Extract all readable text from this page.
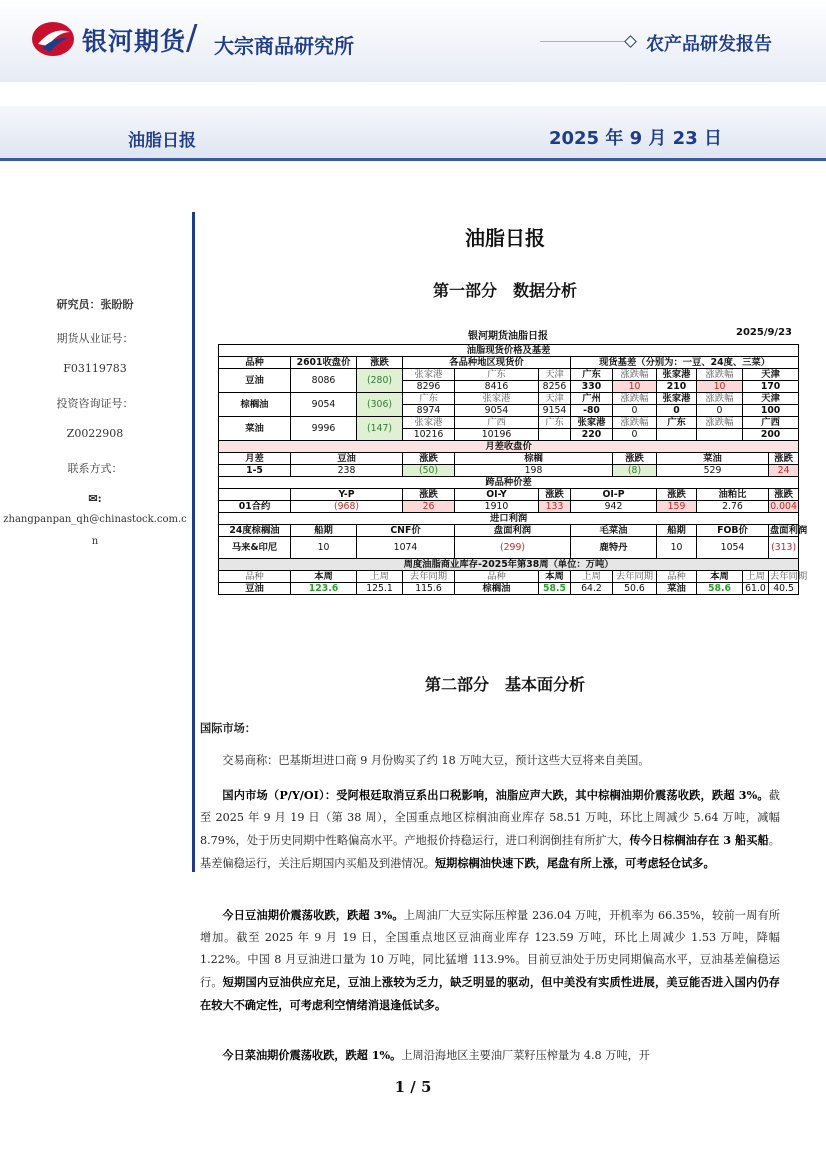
银河期货 / 大宗商品研究所	农产品研发报告
油脂日报	2025 年 9 月 23 日
研究员：张盼盼
期货从业证号：
F03119783
投资咨询证号：
Z0022908
联系方式：
✉:
zhangpanpan_qh@chinastock.com.c
n
油脂日报
第一部分　数据分析
银河期货油脂日报	2025/9/23
油脂现货价格及基差												
品种	2601收盘价	涨跌	各品种地区现货价			现货基差（分别为：一豆、24度、三菜）						
豆油	8086	(280)	张家港	广东	天津	广东	涨跌幅	张家港	涨跌幅	天津	
			8296	8416	8256	330	10	210	10	170	
棕榈油	9054	(306)	广东	张家港	天津	广州	涨跌幅	张家港	涨跌幅	天津	
			8974	9054	9154	-80	0	0	0	100	
菜油	9996	(147)	张家港	广西	广东	张家港	涨跌幅	广东	涨跌幅	广西	
			10216	10196		220	0			200	
月差收盘价												
月差	豆油		涨跌	棕榈			涨跌	菜油			涨跌	
1-5	238		(50)	198			(8)	529			24	
跨品种价差												
	Y-P		涨跌	OI-Y	涨跌	OI-P		涨跌	油粕比		涨跌	
01合约	(968)		26	1910	133	942		159	2.76		0.004	
进口利润												
24度棕榈油	船期	CNF价		盘面利润		毛菜油		船期	FOB价		盘面利润	
马来&印尼	10	1074		(299)		鹿特丹		10	1054		(313)	
周度油脂商业库存-2025年第38周（单位：万吨）												
品种	本周	上周	去年同期	品种	本周	上周	去年同期	品种	本周	上周	去年同期	
豆油	123.6	125.1	115.6	棕榈油	58.5	64.2	50.6	菜油	58.6	61.0	40.5	
第二部分　基本面分析
国际市场：
交易商称：巴基斯坦进口商 9 月份购买了约 18 万吨大豆，预计这些大豆将来自美国。
国内市场（P/Y/OI）：受阿根廷取消豆系出口税影响，油脂应声大跌，其中棕榈油期价震荡收跌，跌超 3%。截至 2025 年 9 月 19 日（第 38 周），全国重点地区棕榈油商业库存 58.51 万吨，环比上周减少 5.64 万吨，减幅 8.79%，处于历史同期中性略偏高水平。产地报价持稳运行，进口利润倒挂有所扩大，传今日棕榈油存在 3 船买船。基差偏稳运行，关注后期国内买船及到港情况。短期棕榈油快速下跌，尾盘有所上涨，可考虑轻仓试多。
今日豆油期价震荡收跌，跌超 3%。上周油厂大豆实际压榨量 236.04 万吨，开机率为 66.35%，较前一周有所增加。截至 2025 年 9 月 19 日，全国重点地区豆油商业库存 123.59 万吨，环比上周减少 1.53 万吨，降幅 1.22%。中国 8 月豆油进口量为 10 万吨，同比猛增 113.9%。目前豆油处于历史同期偏高水平，豆油基差偏稳运行。短期国内豆油供应充足，豆油上涨较为乏力，缺乏明显的驱动，但中美没有实质性进展，美豆能否进入国内仍存在较大不确定性，可考虑利空情绪消退逢低试多。
今日菜油期价震荡收跌，跌超 1%。上周沿海地区主要油厂菜籽压榨量为 4.8 万吨，开
1 / 5
